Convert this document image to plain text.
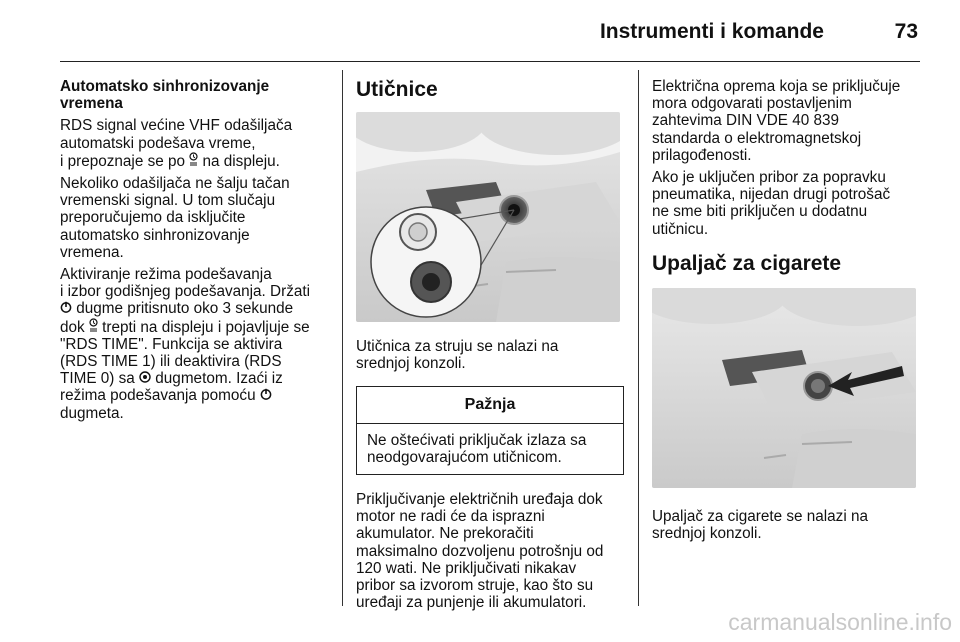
Instrumenti i komande	73

Automatsko sinhronizovanje
vremena

RDS signal većine VHF odašiljača
automatski podešava vreme,
i prepoznaje se po  na displeju.

Nekoliko odašiljača ne šalju tačan
vremenski signal. U tom slučaju
preporučujemo da isključite
automatsko sinhronizovanje
vremena.

Aktiviranje režima podešavanja
i izbor godišnjeg podešavanja. Držati
dugme pritisnuto oko 3 sekunde
dok  trepti na displeju i pojavljuje se
"RDS TIME". Funkcija se aktivira
(RDS TIME 1) ili deaktivira (RDS
TIME 0) sa  dugmetom. Izaći iz
režima podešavanja pomoću
dugmeta.

Utičnice

Utičnica za struju se nalazi na
srednjoj konzoli.

Pažnja
Ne oštećivati priključak izlaza sa
neodgovarajućom utičnicom.

Priključivanje električnih uređaja dok
motor ne radi će da isprazni
akumulator. Ne prekoračiti
maksimalno dozvoljenu potrošnju od
120 wati. Ne priključivati nikakav
pribor sa izvorom struje, kao što su
uređaji za punjenje ili akumulatori.

Električna oprema koja se priključuje
mora odgovarati postavljenim
zahtevima DIN VDE 40 839
standarda o elektromagnetskoj
prilagođenosti.

Ako je uključen pribor za popravku
pneumatika, nijedan drugi potrošač
ne sme biti priključen u dodatnu
utičnicu.

Upaljač za cigarete

Upaljač za cigarete se nalazi na
srednjoj konzoli.

carmanualsonline.info
